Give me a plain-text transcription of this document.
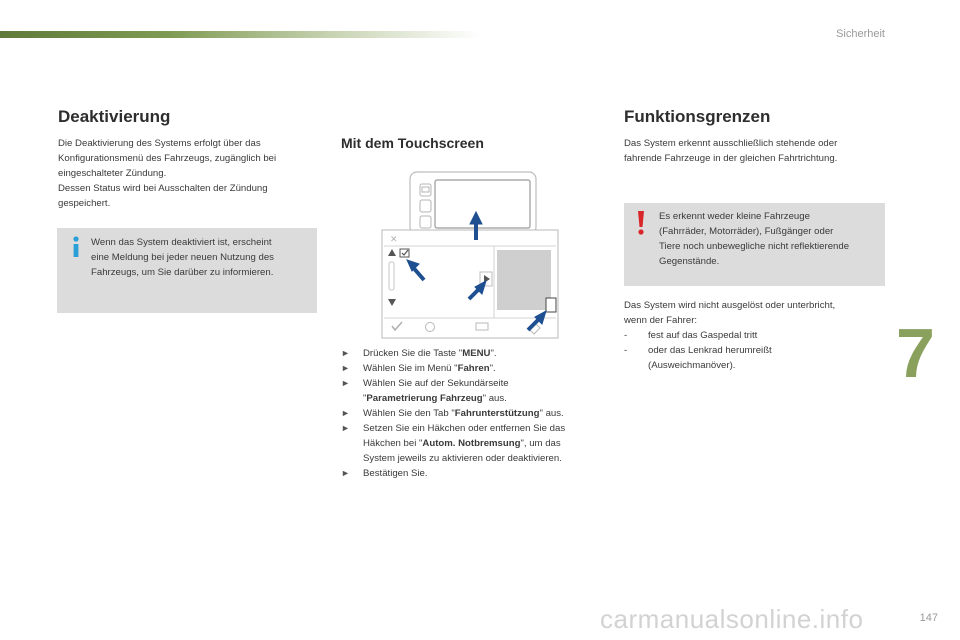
Sicherheit
7
Deaktivierung
Die Deaktivierung des Systems erfolgt über das
Konfigurationsmenü des Fahrzeugs, zugänglich bei
eingeschalteter Zündung.
Dessen Status wird bei Ausschalten der Zündung
gespeichert.
Wenn das System deaktiviert ist, erscheint
eine Meldung bei jeder neuen Nutzung des
Fahrzeugs, um Sie darüber zu informieren.
Mit dem Touchscreen
✕
► Drücken Sie die Taste "MENU".
► Wählen Sie im Menü "Fahren".
► Wählen Sie auf der Sekundärseite
"Parametrierung Fahrzeug" aus.
► Wählen Sie den Tab "Fahrunterstützung" aus.
► Setzen Sie ein Häkchen oder entfernen Sie das
Häkchen bei "Autom. Notbremsung", um das
System jeweils zu aktivieren oder deaktivieren.
► Bestätigen Sie.
Funktionsgrenzen
Das System erkennt ausschließlich stehende oder
fahrende Fahrzeuge in der gleichen Fahrtrichtung.
Es erkennt weder kleine Fahrzeuge
(Fahrräder, Motorräder), Fußgänger oder
Tiere noch unbewegliche nicht reflektierende
Gegenstände.
Das System wird nicht ausgelöst oder unterbricht,
wenn der Fahrer:
- fest auf das Gaspedal tritt
- oder das Lenkrad herumreißt
(Ausweichmanöver).
carmanualsonline.info	147
